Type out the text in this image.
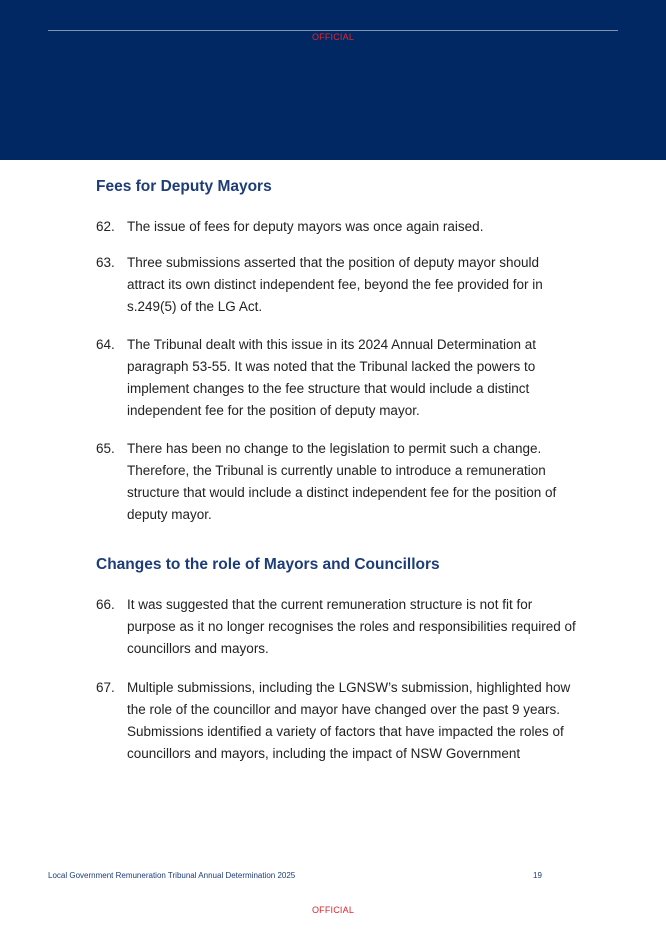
OFFICIAL
Fees for Deputy Mayors
62. The issue of fees for deputy mayors was once again raised.
63. Three submissions asserted that the position of deputy mayor should attract its own distinct independent fee, beyond the fee provided for in s.249(5) of the LG Act.
64. The Tribunal dealt with this issue in its 2024 Annual Determination at paragraph 53-55. It was noted that the Tribunal lacked the powers to implement changes to the fee structure that would include a distinct independent fee for the position of deputy mayor.
65. There has been no change to the legislation to permit such a change. Therefore, the Tribunal is currently unable to introduce a remuneration structure that would include a distinct independent fee for the position of deputy mayor.
Changes to the role of Mayors and Councillors
66. It was suggested that the current remuneration structure is not fit for purpose as it no longer recognises the roles and responsibilities required of councillors and mayors.
67. Multiple submissions, including the LGNSW’s submission, highlighted how the role of the councillor and mayor have changed over the past 9 years. Submissions identified a variety of factors that have impacted the roles of councillors and mayors, including the impact of NSW Government
Local Government Remuneration Tribunal Annual Determination 2025	19
OFFICIAL
